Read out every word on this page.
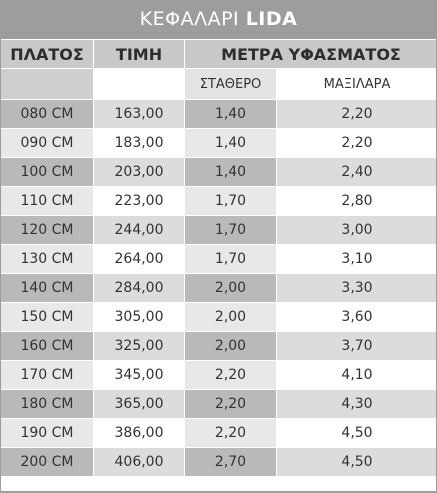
ΚΕΦΑΛΑΡΙ LIDA
ΠΛΑΤΟΣ	ΤΙΜΗ	ΜΕΤΡΑ ΥΦΑΣΜΑΤΟΣ	
		ΣΤΑΘΕΡΟ	ΜΑΞΙΛΑΡΑ
080 CM	163,00	1,40	2,20
090 CM	183,00	1,40	2,20
100 CM	203,00	1,40	2,40
110 CM	223,00	1,70	2,80
120 CM	244,00	1,70	3,00
130 CM	264,00	1,70	3,10
140 CM	284,00	2,00	3,30
150 CM	305,00	2,00	3,60
160 CM	325,00	2,00	3,70
170 CM	345,00	2,20	4,10
180 CM	365,00	2,20	4,30
190 CM	386,00	2,20	4,50
200 CM	406,00	2,70	4,50
